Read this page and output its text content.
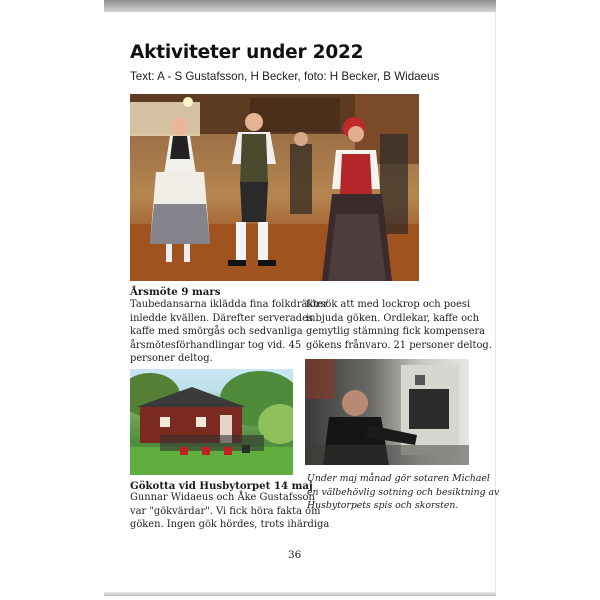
Aktiviteter under 2022
Text: A - S Gustafsson, H Becker, foto: H Becker, B Widaeus
Årsmöte 9 mars
Taubedansarna iklädda fina folkdräkter
inledde kvällen. Därefter serverades
kaffe med smörgås och sedvanliga
årsmötesförhandlingar tog vid. 45
personer deltog.
försök att med lockrop och poesi
inbjuda göken. Ordlekar, kaffe och
gemytlig stämning fick kompensera
gökens frånvaro. 21 personer deltog.
Gökotta vid Husbytorpet 14 maj
Gunnar Widaeus och Åke Gustafsson
var "gökvärdar". Vi fick höra fakta om
göken. Ingen gök hördes, trots ihärdiga
Under maj månad gör sotaren Michael
en välbehövlig sotning och besiktning av
Husbytorpets spis och skorsten.
36
